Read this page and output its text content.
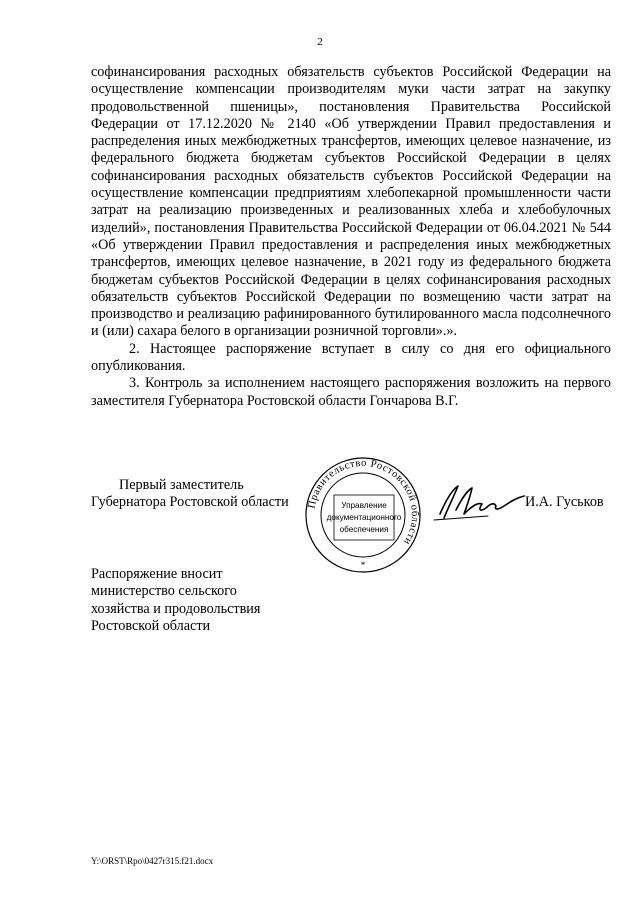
2

софинансирования расходных обязательств субъектов Российской Федерации на осуществление компенсации производителям муки части затрат на закупку продовольственной пшеницы», постановления Правительства Российской Федерации от 17.12.2020 № 2140 «Об утверждении Правил предоставления и распределения иных межбюджетных трансфертов, имеющих целевое назначение, из федерального бюджета бюджетам субъектов Российской Федерации в целях софинансирования расходных обязательств субъектов Российской Федерации на осуществление компенсации предприятиям хлебопекарной промышленности части затрат на реализацию произведенных и реализованных хлеба и хлебобулочных изделий», постановления Правительства Российской Федерации от 06.04.2021 № 544 «Об утверждении Правил предоставления и распределения иных межбюджетных трансфертов, имеющих целевое назначение, в 2021 году из федерального бюджета бюджетам субъектов Российской Федерации в целях софинансирования расходных обязательств субъектов Российской Федерации по возмещению части затрат на производство и реализацию рафинированного бутилированного масла подсолнечного и (или) сахара белого в организации розничной торговли».».

2. Настоящее распоряжение вступает в силу со дня его официального опубликования.

3. Контроль за исполнением настоящего распоряжения возложить на первого заместителя Губернатора Ростовской области Гончарова В.Г.

Первый заместитель
Губернатора Ростовской области Правительство Ростовской области
Управление
документационного
обеспечения
*
И.А. Гуськов
Распоряжение вносит
министерство сельского
хозяйства и продовольствия
Ростовской области
Y:\ORST\Rpo\0427r315.f21.docx
